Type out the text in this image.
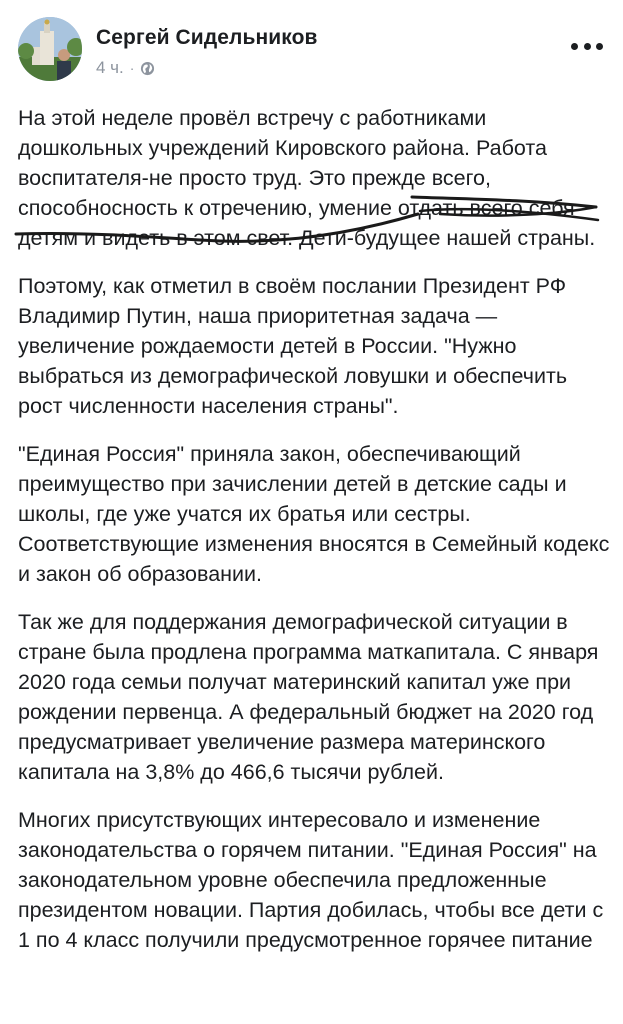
Сергей Сидельников
4 ч. ·

На этой неделе провёл встречу с работниками дошкольных учреждений Кировского района. Работа воспитателя-не просто труд. Это прежде всего, способносность к отречению, умение отдать всего себя детям и видеть в этом свет. Дети-будущее нашей страны.

Поэтому, как отметил в своём послании Президент РФ Владимир Путин, наша приоритетная задача — увеличение рождаемости детей в России. "Нужно выбраться из демографической ловушки и обеспечить рост численности населения страны".

"Единая Россия" приняла закон, обеспечивающий преимущество при зачислении детей в детские сады и школы, где уже учатся их братья или сестры. Соответствующие изменения вносятся в Семейный кодекс и закон об образовании.

Так же для поддержания демографической ситуации в стране была продлена программа маткапитала. С января 2020 года семьи получат материнский капитал уже при рождении первенца. А федеральный бюджет на 2020 год предусматривает увеличение размера материнского капитала на 3,8% до 466,6 тысячи рублей.

Многих присутствующих интересовало и изменение законодательства о горячем питании. "Единая Россия" на законодательном уровне обеспечила предложенные президентом новации. Партия добилась, чтобы все дети с 1 по 4 класс получили предусмотренное горячее питание
